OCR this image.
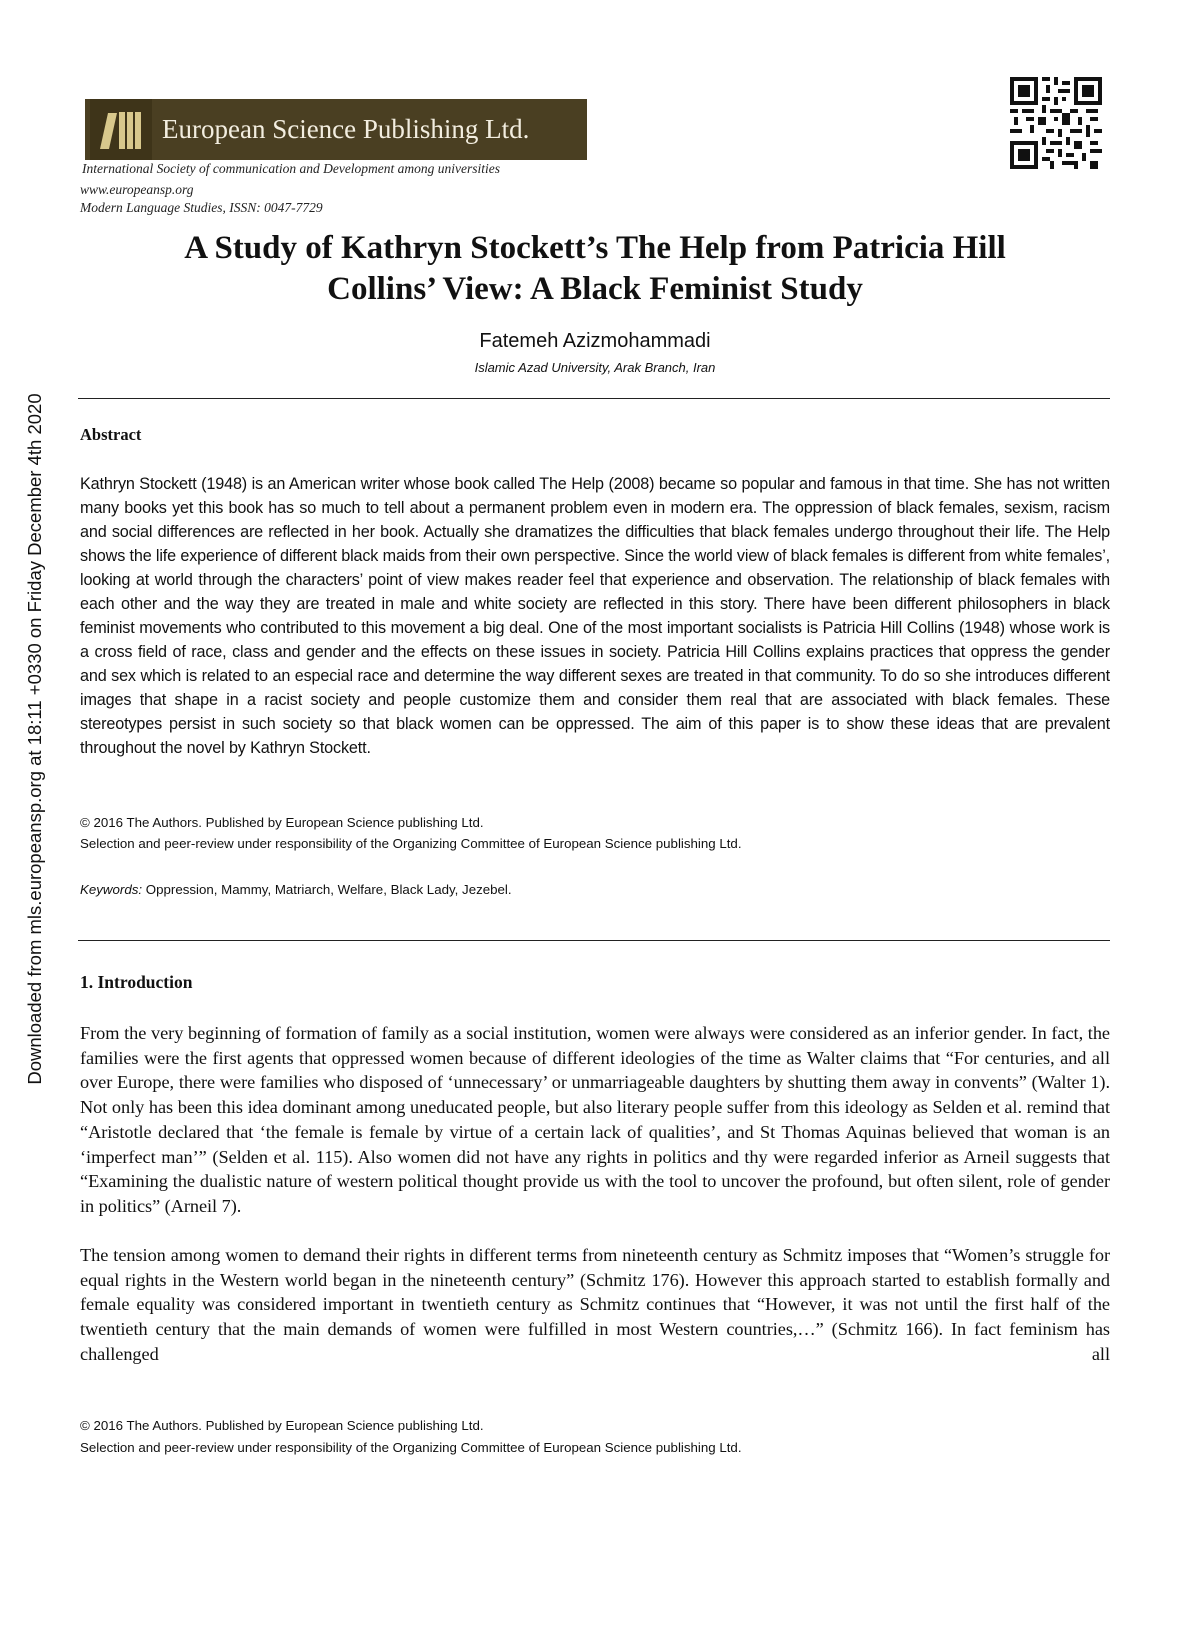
Downloaded from mls.europeansp.org at 18:11 +0330 on Friday December 4th 2020
European Science Publishing Ltd.
International Society of communication and Development among universities
www.europeansp.org
Modern Language Studies, ISSN: 0047-7729
A Study of Kathryn Stockett’s The Help from Patricia Hill
Collins’ View: A Black Feminist Study
Fatemeh Azizmohammadi
Islamic Azad University, Arak Branch, Iran
Abstract

Kathryn Stockett (1948) is an American writer whose book called The Help (2008) became so popular and famous in that time. She has not written many books yet this book has so much to tell about a permanent problem even in modern era. The oppression of black females, sexism, racism and social differences are reflected in her book. Actually she dramatizes the difficulties that black females undergo throughout their life. The Help shows the life experience of different black maids from their own perspective. Since the world view of black females is different from white females’, looking at world through the characters’ point of view makes reader feel that experience and observation. The relationship of black females with each other and the way they are treated in male and white society are reflected in this story. There have been different philosophers in black feminist movements who contributed to this movement a big deal. One of the most important socialists is Patricia Hill Collins (1948) whose work is a cross field of race, class and gender and the effects on these issues in society. Patricia Hill Collins explains practices that oppress the gender and sex which is related to an especial race and determine the way different sexes are treated in that community. To do so she introduces different images that shape in a racist society and people customize them and consider them real that are associated with black females. These stereotypes persist in such society so that black women can be oppressed. The aim of this paper is to show these ideas that are prevalent throughout the novel by Kathryn Stockett.

© 2016 The Authors. Published by European Science publishing Ltd.
Selection and peer-review under responsibility of the Organizing Committee of European Science publishing Ltd.
Keywords: Oppression, Mammy, Matriarch, Welfare, Black Lady, Jezebel.
1. Introduction

From the very beginning of formation of family as a social institution, women were always were considered as an inferior gender. In fact, the families were the first agents that oppressed women because of different ideologies of the time as Walter claims that “For centuries, and all over Europe, there were families who disposed of ‘unnecessary’ or unmarriageable daughters by shutting them away in convents” (Walter 1). Not only has been this idea dominant among uneducated people, but also literary people suffer from this ideology as Selden et al. remind that “Aristotle declared that ‘the female is female by virtue of a certain lack of qualities’, and St Thomas Aquinas believed that woman is an ‘imperfect man’” (Selden et al. 115). Also women did not have any rights in politics and thy were regarded inferior as Arneil suggests that “Examining the dualistic nature of western political thought provide us with the tool to uncover the profound, but often silent, role of gender in politics” (Arneil 7).

The tension among women to demand their rights in different terms from nineteenth century as Schmitz imposes that “Women’s struggle for equal rights in the Western world began in the nineteenth century” (Schmitz 176). However this approach started to establish formally and female equality was considered important in twentieth century as Schmitz continues that “However, it was not until the first half of the twentieth century that the main demands of women were fulfilled in most Western countries,…” (Schmitz 166). In fact feminism has challenged all

© 2016 The Authors. Published by European Science publishing Ltd.
Selection and peer-review under responsibility of the Organizing Committee of European Science publishing Ltd.
